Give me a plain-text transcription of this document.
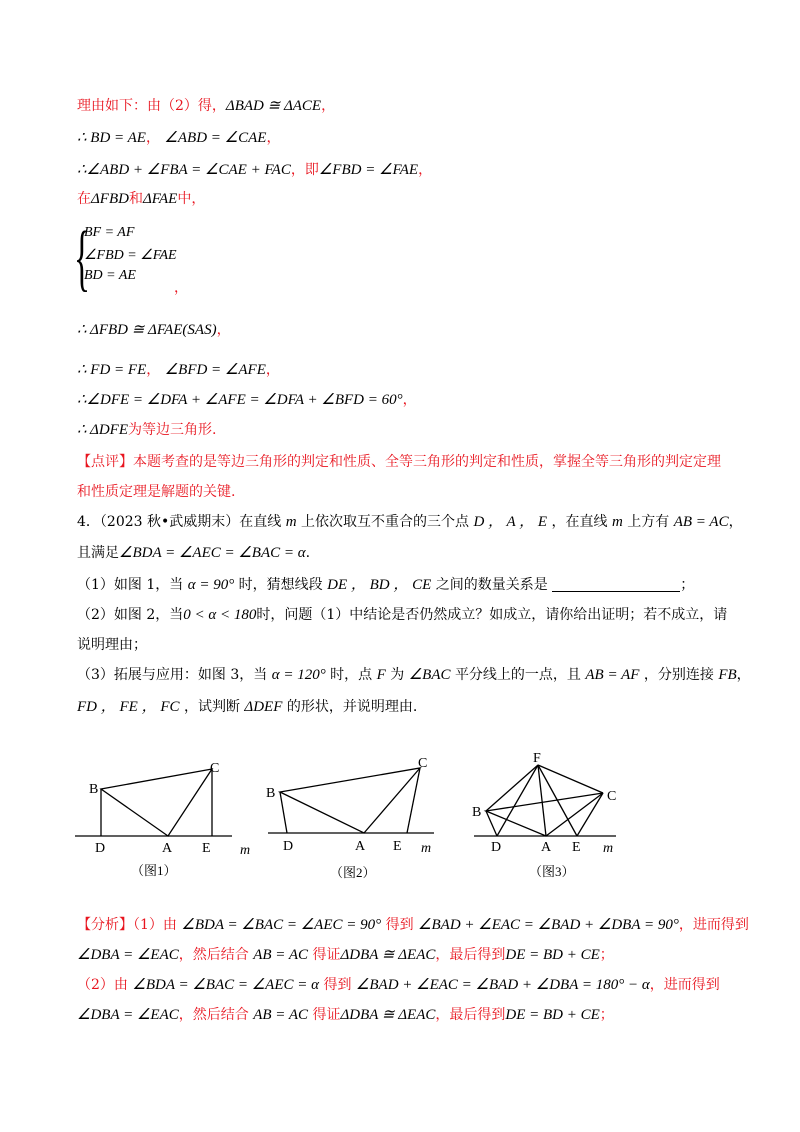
理由如下：由（2）得，ΔBAD ≅ ΔACE，
∴ BD = AE， ∠ABD = ∠CAE，
∴∠ABD + ∠FBA = ∠CAE + FAC，即∠FBD = ∠FAE，
在ΔFBD和ΔFAE中，
{
BF = AF
∠FBD = ∠FAE
BD = AE
，
∴ ΔFBD ≅ ΔFAE(SAS)，
∴ FD = FE， ∠BFD = ∠AFE，
∴∠DFE = ∠DFA + ∠AFE = ∠DFA + ∠BFD = 60°，
∴ ΔDFE为等边三角形.
【点评】本题考查的是等边三角形的判定和性质、全等三角形的判定和性质，掌握全等三角形的判定定理
和性质定理是解题的关键.
4．（2023 秋•武威期末）在直线 m 上依次取互不重合的三个点 D ， A ， E ，在直线 m 上方有 AB = AC，
且满足∠BDA = ∠AEC = ∠BAC = α.
（1）如图 1，当 α = 90° 时，猜想线段 DE ， BD ， CE 之间的数量关系是	；
（2）如图 2，当0 < α < 180时，问题（1）中结论是否仍然成立？如成立，请你给出证明；若不成立，请
说明理由；
（3）拓展与应用：如图 3，当 α = 120° 时，点 F 为 ∠BAC 平分线上的一点，且 AB = AF ，分别连接 FB，
FD ， FE ， FC ，试判断 ΔDEF 的形状，并说明理由.
B
C
D	A E m
（图1）
B
C
D	A E m
（图2）
F
B
C
D	A E m
（图3）
【分析】（1）由 ∠BDA = ∠BAC = ∠AEC = 90° 得到 ∠BAD + ∠EAC = ∠BAD + ∠DBA = 90°，进而得到
∠DBA = ∠EAC，然后结合 AB = AC 得证ΔDBA ≅ ΔEAC，最后得到DE = BD + CE；
（2）由 ∠BDA = ∠BAC = ∠AEC = α 得到 ∠BAD + ∠EAC = ∠BAD + ∠DBA = 180° − α，进而得到
∠DBA = ∠EAC，然后结合 AB = AC 得证ΔDBA ≅ ΔEAC，最后得到DE = BD + CE；
